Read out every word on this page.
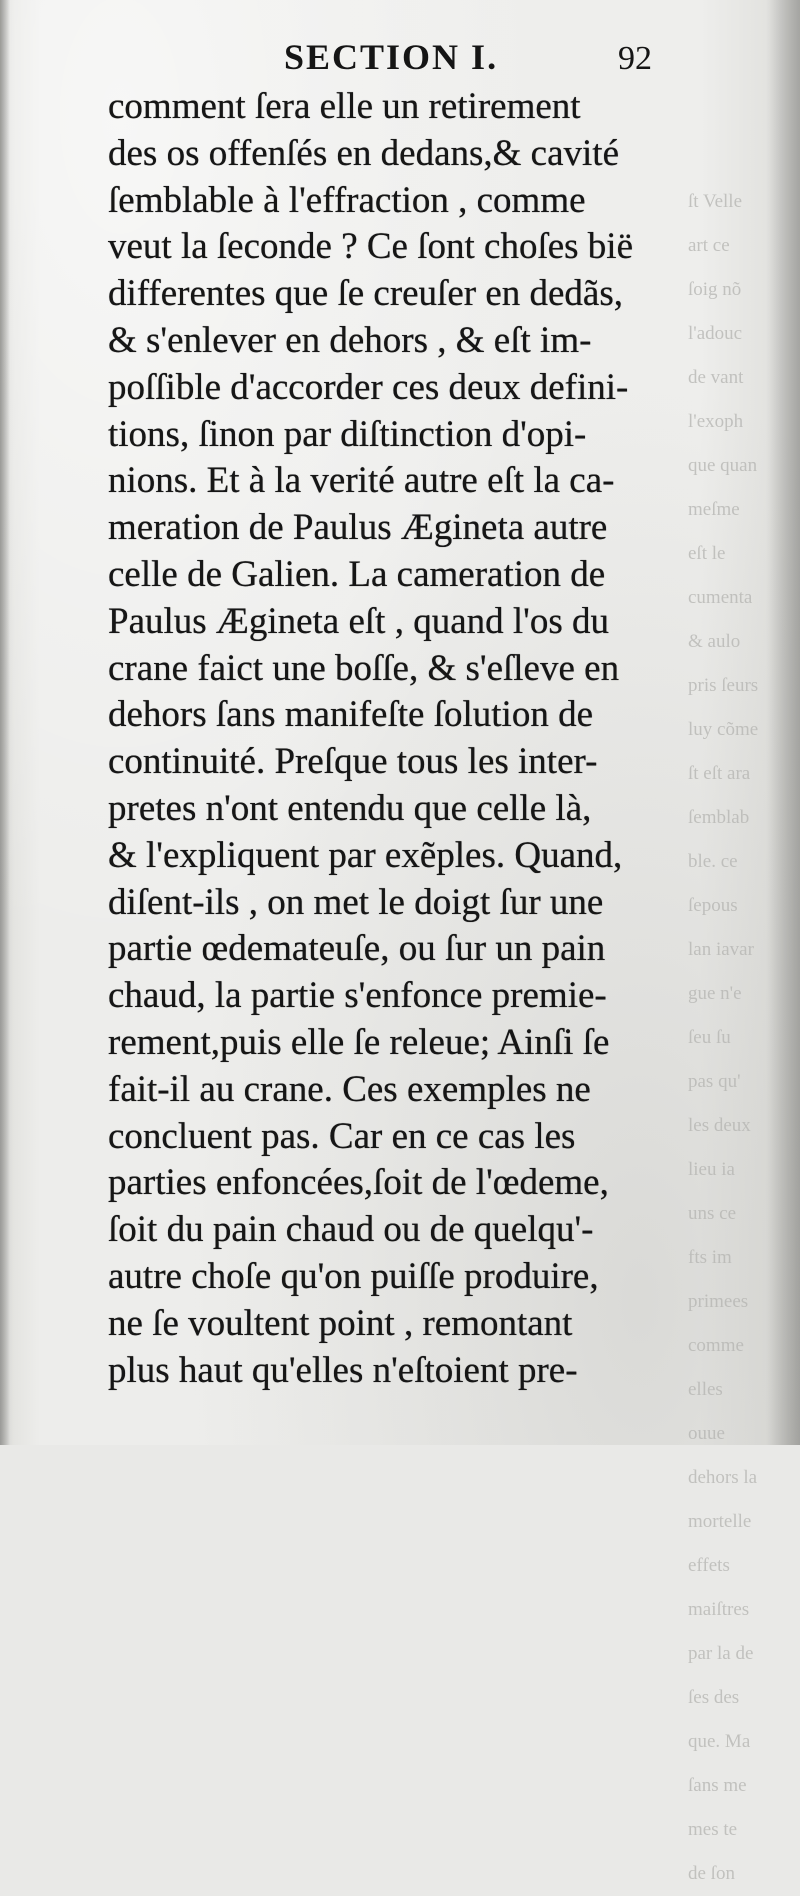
ſt Velle
art ce
ſoig nõ
l'adouc
de vant
l'exoph
que quan
meſme
eſt le
cumenta
& aulo
pris ſeurs
luy cõme
ſt eſt ara
ſemblab
ble. ce
ſepous
lan iavar
gue n'e
ſeu ſu
pas qu'
les deux
lieu ia
uns ce
fts im
primees
comme
elles
ouue
dehors la
mortelle
effets
maiſtres
par la de
ſes des
que. Ma
ſans me
mes te
de ſon
SECTION I.	92
comment ſera elle un retirement
des os offenſés en dedans,& cavité
ſemblable à l'effraction , comme
veut la ſeconde ? Ce ſont choſes bië
differentes que ſe creuſer en dedãs,
& s'enlever en dehors , & eſt im-
poſſible d'accorder ces deux defini-
tions, ſinon par diſtinction d'opi-
nions. Et à la verité autre eſt la ca-
meration de Paulus Ægineta autre
celle de Galien. La cameration de
Paulus Ægineta eſt , quand l'os du
crane faict une boſſe, & s'eſleve en
dehors ſans manifeſte ſolution de
continuité. Preſque tous les inter-
pretes n'ont entendu que celle là,
& l'expliquent par exẽples. Quand,
diſent-ils , on met le doigt ſur une
partie œdemateuſe, ou ſur un pain
chaud, la partie s'enfonce premie-
rement,puis elle ſe releue; Ainſi ſe
fait-il au crane. Ces exemples ne
concluent pas. Car en ce cas les
parties enfoncées,ſoit de l'œdeme,
ſoit du pain chaud ou de quelqu'-
autre choſe qu'on puiſſe produire,
ne ſe voultent point , remontant
plus haut qu'elles n'eſtoient pre-
